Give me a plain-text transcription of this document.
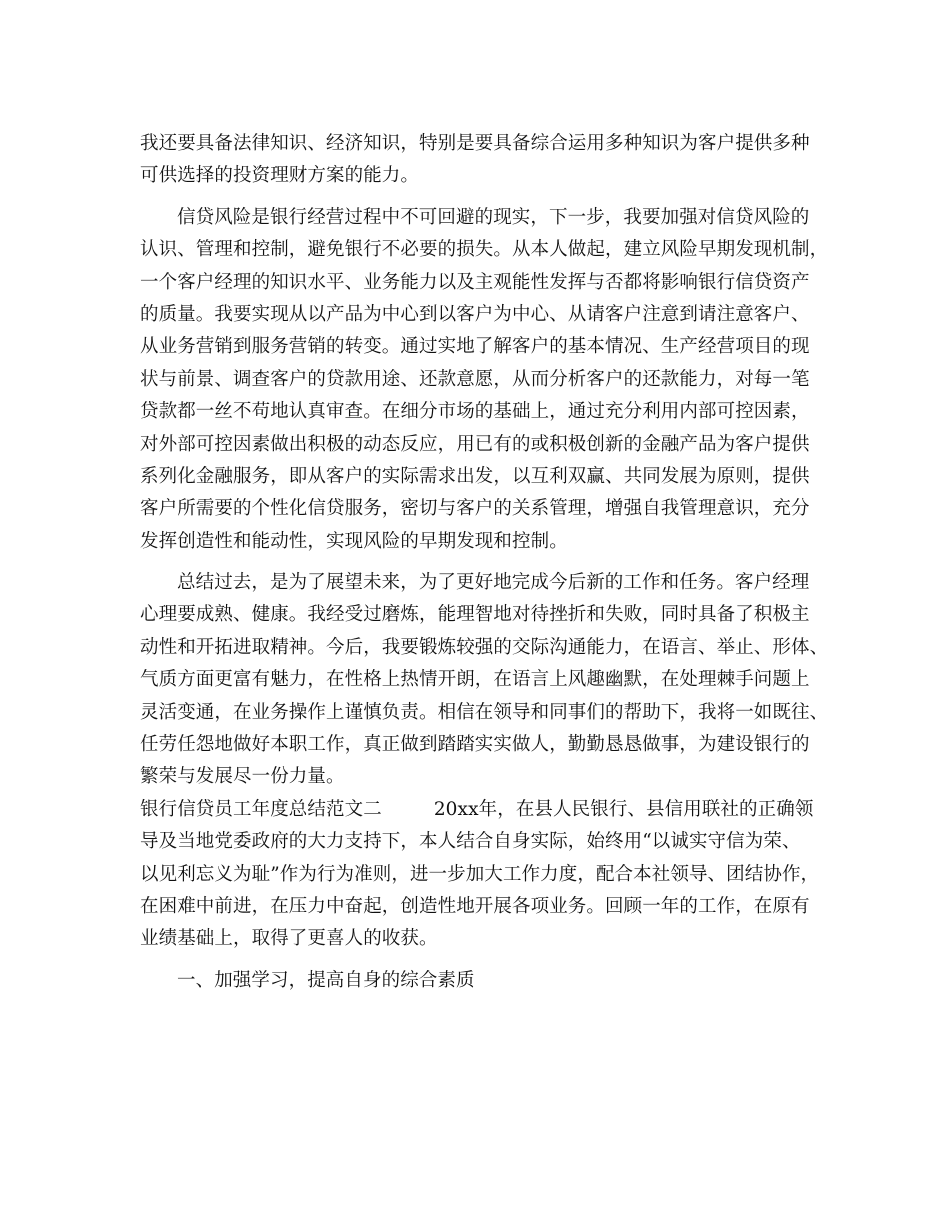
我还要具备法律知识、经济知识，特别是要具备综合运用多种知识为客户提供多种
可供选择的投资理财方案的能力。
信贷风险是银行经营过程中不可回避的现实，下一步，我要加强对信贷风险的
认识、管理和控制，避免银行不必要的损失。从本人做起，建立风险早期发现机制，
一个客户经理的知识水平、业务能力以及主观能性发挥与否都将影响银行信贷资产
的质量。我要实现从以产品为中心到以客户为中心、从请客户注意到请注意客户、
从业务营销到服务营销的转变。通过实地了解客户的基本情况、生产经营项目的现
状与前景、调查客户的贷款用途、还款意愿，从而分析客户的还款能力，对每一笔
贷款都一丝不苟地认真审查。在细分市场的基础上，通过充分利用内部可控因素，
对外部可控因素做出积极的动态反应，用已有的或积极创新的金融产品为客户提供
系列化金融服务，即从客户的实际需求出发，以互利双赢、共同发展为原则，提供
客户所需要的个性化信贷服务，密切与客户的关系管理，增强自我管理意识，充分
发挥创造性和能动性，实现风险的早期发现和控制。
总结过去，是为了展望未来，为了更好地完成今后新的工作和任务。客户经理
心理要成熟、健康。我经受过磨炼，能理智地对待挫折和失败，同时具备了积极主
动性和开拓进取精神。今后，我要锻炼较强的交际沟通能力，在语言、举止、形体、
气质方面更富有魅力，在性格上热情开朗，在语言上风趣幽默，在处理棘手问题上
灵活变通，在业务操作上谨慎负责。相信在领导和同事们的帮助下，我将一如既往、
任劳任怨地做好本职工作，真正做到踏踏实实做人，勤勤恳恳做事，为建设银行的
繁荣与发展尽一份力量。
银行信贷员工年度总结范文二	20xx年，在县人民银行、县信用联社的正确领
导及当地党委政府的大力支持下，本人结合自身实际，始终用“以诚实守信为荣、
以见利忘义为耻”作为行为准则，进一步加大工作力度，配合本社领导、团结协作，
在困难中前进，在压力中奋起，创造性地开展各项业务。回顾一年的工作，在原有
业绩基础上，取得了更喜人的收获。
一、加强学习，提高自身的综合素质
